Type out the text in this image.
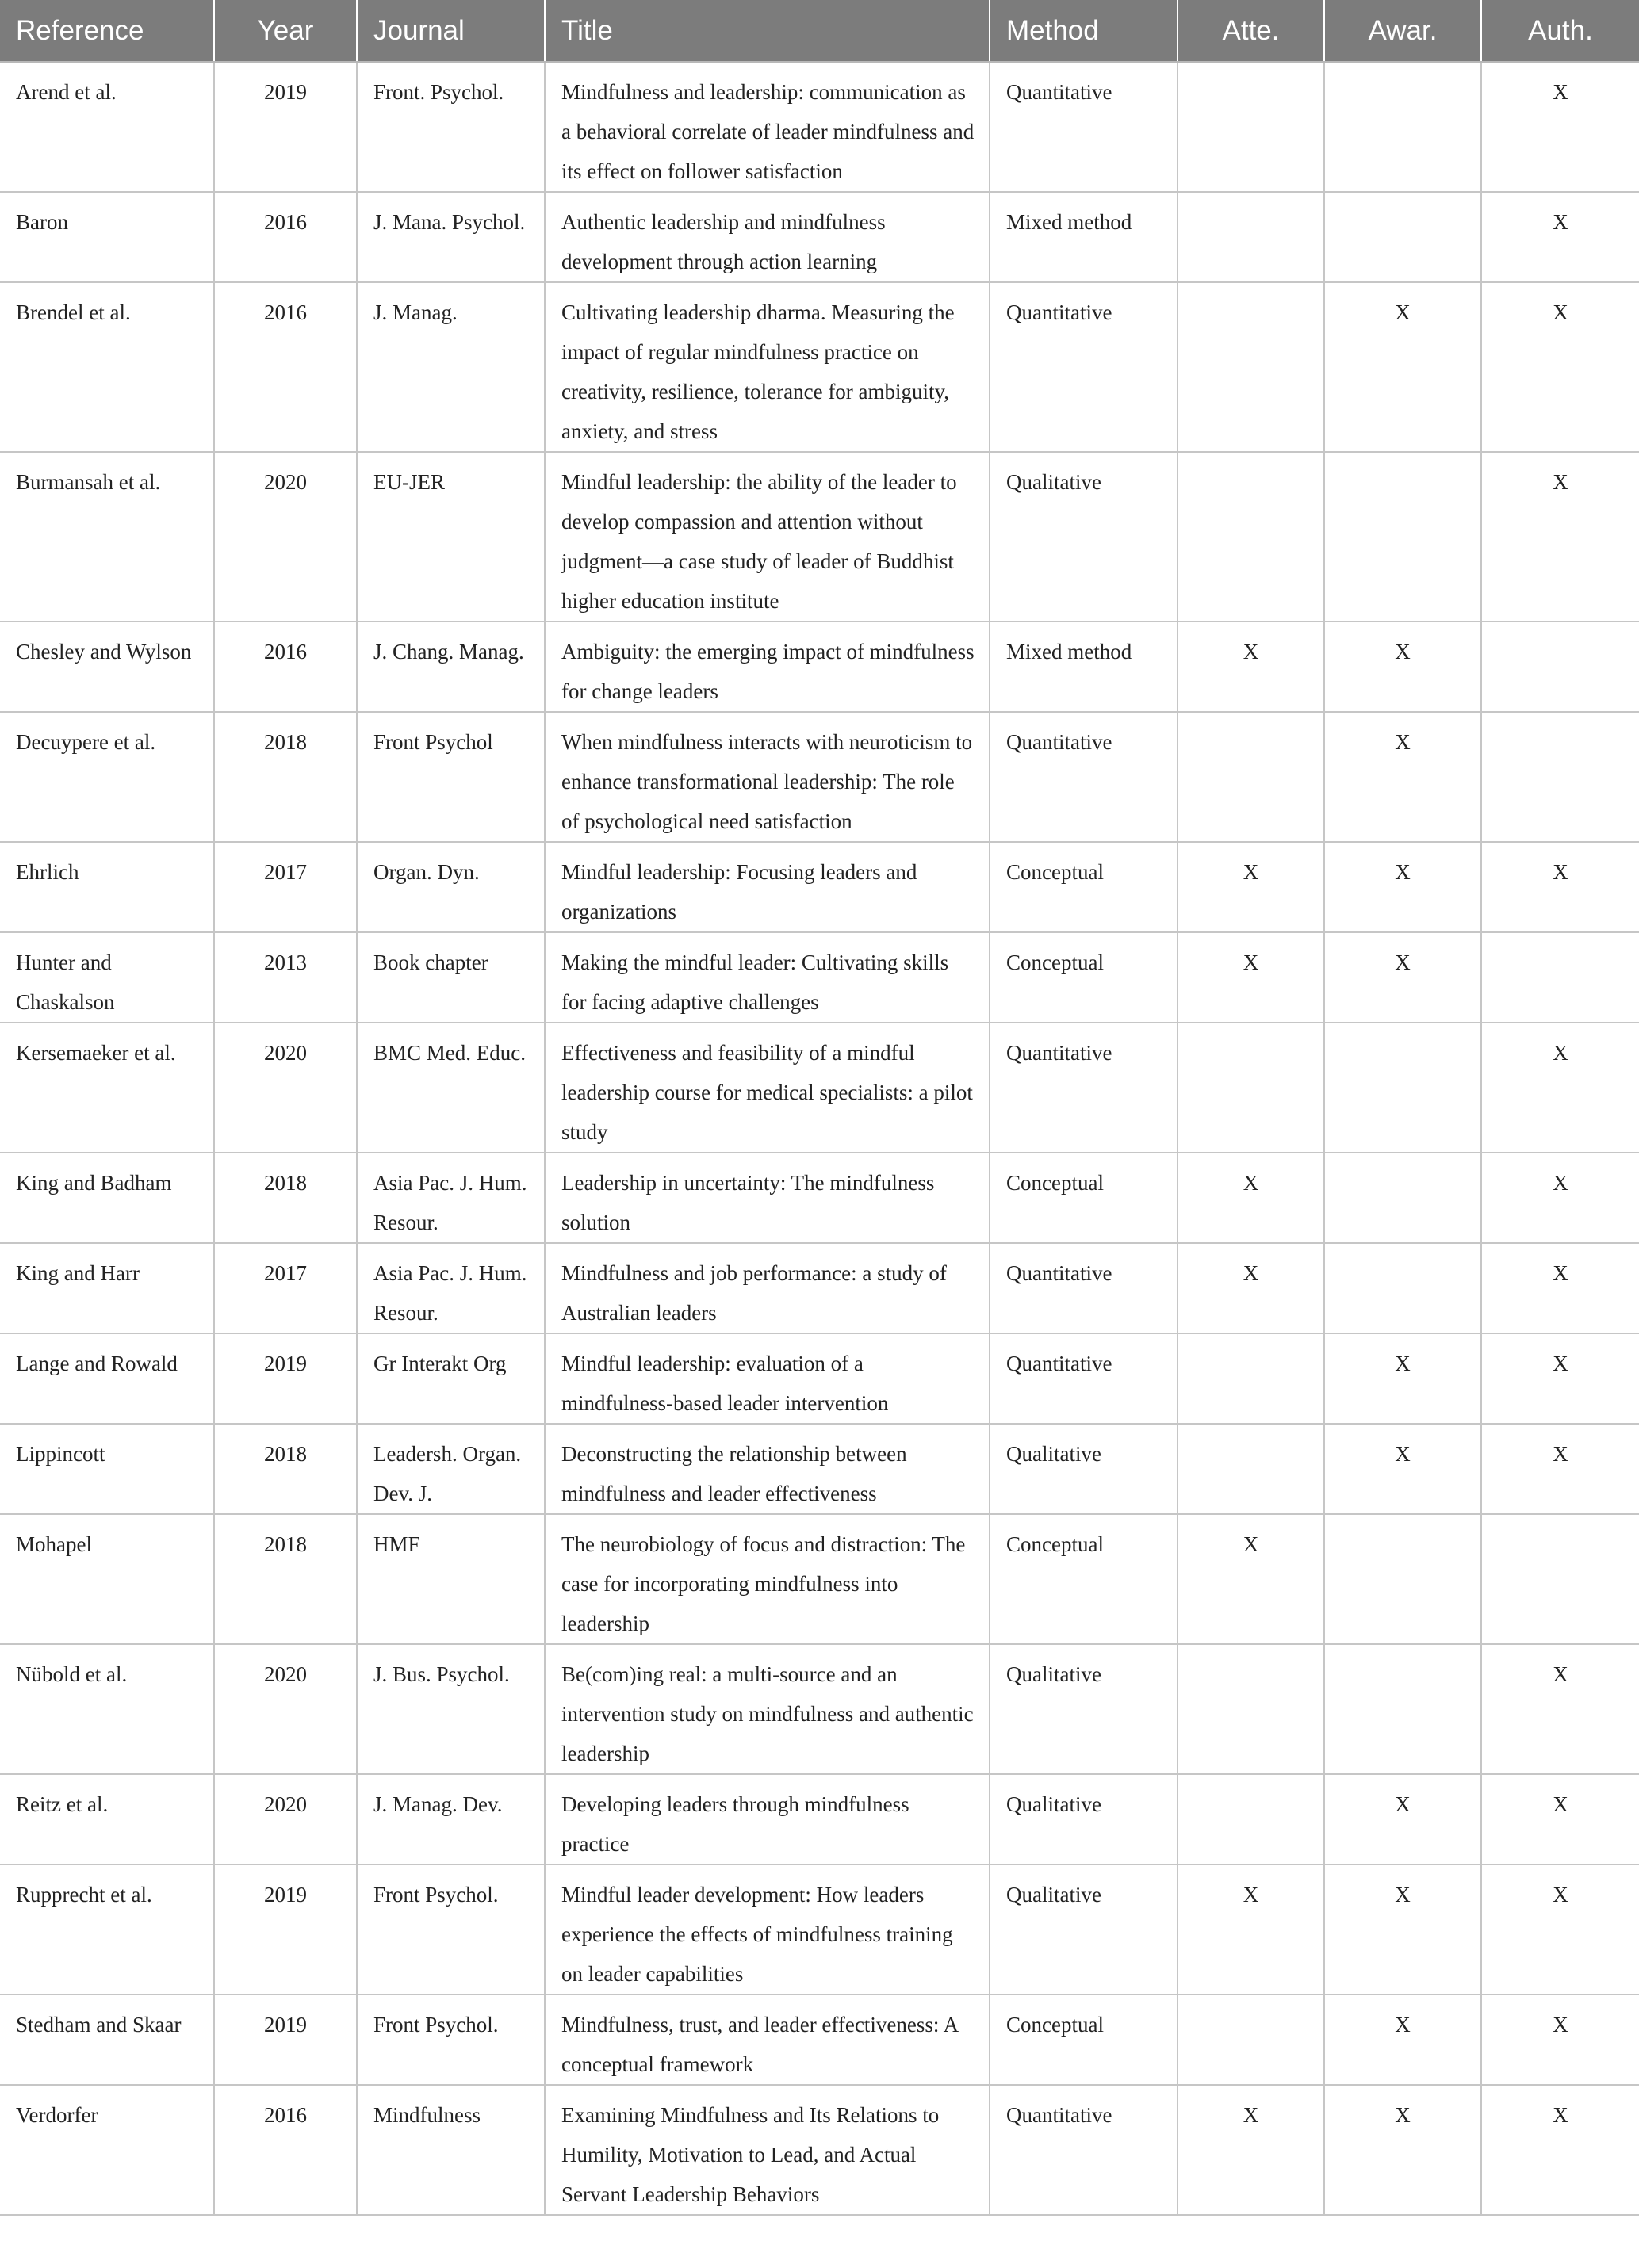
Reference	Year	Journal	Title	Method	Atte.	Awar.	Auth.
Arend et al.	2019	Front. Psychol.	Mindfulness and leadership: communication as a behavioral correlate of leader mindfulness and its effect on follower satisfaction	Quantitative			X
Baron	2016	J. Mana. Psychol.	Authentic leadership and mindfulness development through action learning	Mixed method			X
Brendel et al.	2016	J. Manag.	Cultivating leadership dharma. Measuring the impact of regular mindfulness practice on creativity, resilience, tolerance for ambiguity, anxiety, and stress	Quantitative		X	X
Burmansah et al.	2020	EU-JER	Mindful leadership: the ability of the leader to develop compassion and attention without judgment—a case study of leader of Buddhist higher education institute	Qualitative			X
Chesley and Wylson	2016	J. Chang. Manag.	Ambiguity: the emerging impact of mindfulness for change leaders	Mixed method	X	X	
Decuypere et al.	2018	Front Psychol	When mindfulness interacts with neuroticism to enhance transformational leadership: The role of psychological need satisfaction	Quantitative		X	
Ehrlich	2017	Organ. Dyn.	Mindful leadership: Focusing leaders and organizations	Conceptual	X	X	X
Hunter and Chaskalson	2013	Book chapter	Making the mindful leader: Cultivating skills for facing adaptive challenges	Conceptual	X	X	
Kersemaeker et al.	2020	BMC Med. Educ.	Effectiveness and feasibility of a mindful leadership course for medical specialists: a pilot study	Quantitative			X
King and Badham	2018	Asia Pac. J. Hum. Resour.	Leadership in uncertainty: The mindfulness solution	Conceptual	X		X
King and Harr	2017	Asia Pac. J. Hum. Resour.	Mindfulness and job performance: a study of Australian leaders	Quantitative	X		X
Lange and Rowald	2019	Gr Interakt Org	Mindful leadership: evaluation of a mindfulness-based leader intervention	Quantitative		X	X
Lippincott	2018	Leadersh. Organ. Dev. J.	Deconstructing the relationship between mindfulness and leader effectiveness	Qualitative		X	X
Mohapel	2018	HMF	The neurobiology of focus and distraction: The case for incorporating mindfulness into leadership	Conceptual	X		
Nübold et al.	2020	J. Bus. Psychol.	Be(com)ing real: a multi-source and an intervention study on mindfulness and authentic leadership	Qualitative			X
Reitz et al.	2020	J. Manag. Dev.	Developing leaders through mindfulness practice	Qualitative		X	X
Rupprecht et al.	2019	Front Psychol.	Mindful leader development: How leaders experience the effects of mindfulness training on leader capabilities	Qualitative	X	X	X
Stedham and Skaar	2019	Front Psychol.	Mindfulness, trust, and leader effectiveness: A conceptual framework	Conceptual		X	X
Verdorfer	2016	Mindfulness	Examining Mindfulness and Its Relations to Humility, Motivation to Lead, and Actual Servant Leadership Behaviors	Quantitative	X	X	X
